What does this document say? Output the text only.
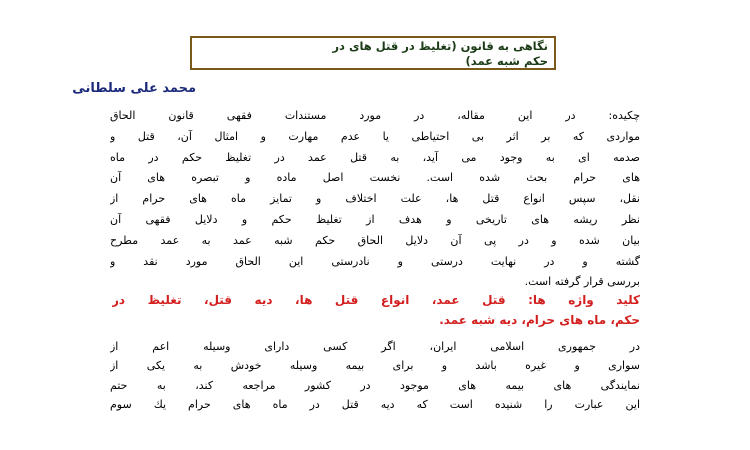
نگاهی به قانون (تغلیظ در قتل های در
حکم شبه عمد)
محمد علی سلطانی
چکیده: در این مقاله، در مورد مستندات فقهی قانون الحاق
مواردی که بر اثر بی احتیاطی یا عدم مهارت و امثال آن، قتل و
صدمه ای به وجود می آید، به قتل عمد در تغلیظ حکم در ماه
های حرام بحث شده است. نخست اصل ماده و تبصره های آن
نقل، سپس انواع قتل ها، علت اختلاف و تمایز ماه های حرام از
نظر ریشه های تاریخی و هدف از تغلیظ حکم و دلایل فقهی آن
بیان شده و در پی آن دلایل الحاق حکم شبه عمد به عمد مطرح
گشته و در نهایت درستی و نادرستی این الحاق مورد نقد و
بررسی قرار گرفته است.
کلید واژه ها: قتل عمد، انواع قتل ها، دیه قتل، تغلیظ در
حکم، ماه های حرام، دیه شبه عمد.
در جمهوری اسلامی ایران، اگر کسی دارای وسیله اعم از
سواری و غیره باشد و برای بیمه وسیله خودش به یکی از
نمایندگی های بیمه های موجود در کشور مراجعه کند، به حتم
این عبارت را شنیده است که دیه قتل در ماه های حرام یك سوم
